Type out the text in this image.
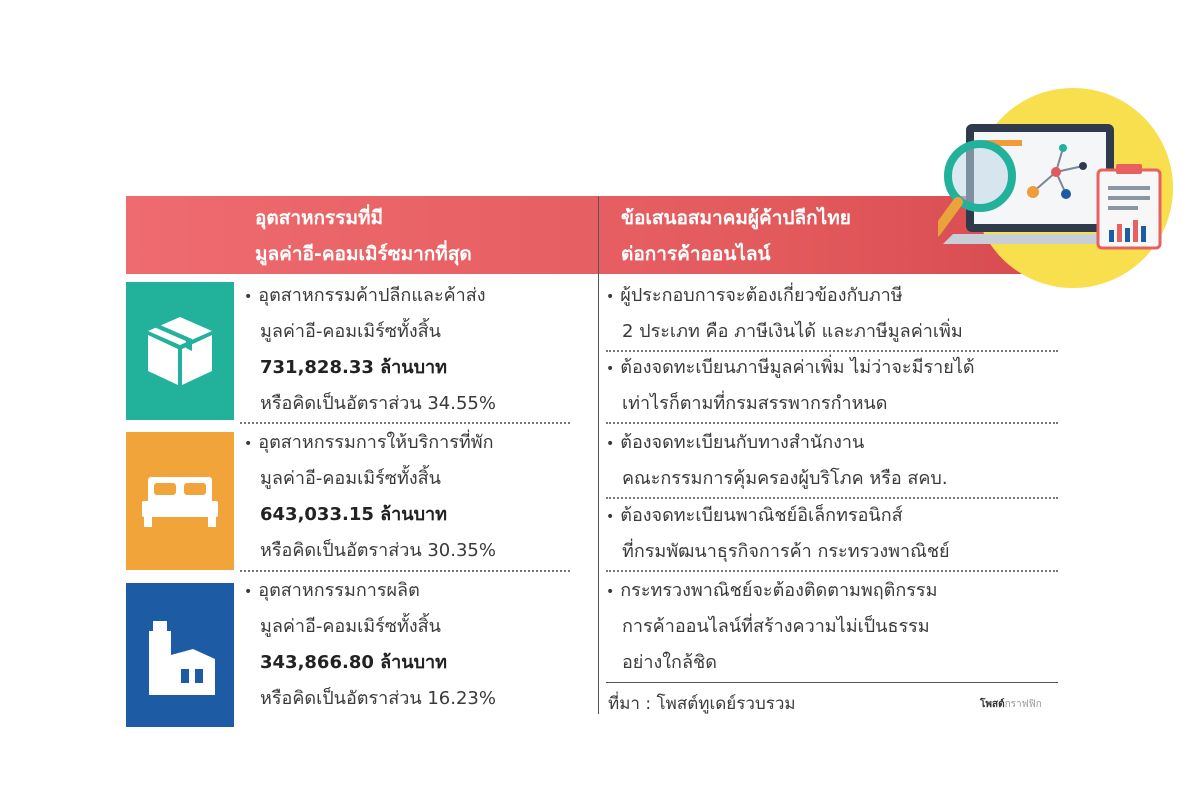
อุตสาหกรรมที่มี
มูลค่าอี-คอมเมิร์ซมากที่สุด
ข้อเสนอสมาคมผู้ค้าปลีกไทย
ต่อการค้าออนไลน์
• อุตสาหกรรมค้าปลีกและค้าส่ง
มูลค่าอี-คอมเมิร์ซทั้งสิ้น
731,828.33 ล้านบาท
หรือคิดเป็นอัตราส่วน 34.55%
• อุตสาหกรรมการให้บริการที่พัก
มูลค่าอี-คอมเมิร์ซทั้งสิ้น
643,033.15 ล้านบาท
หรือคิดเป็นอัตราส่วน 30.35%
• อุตสาหกรรมการผลิต
มูลค่าอี-คอมเมิร์ซทั้งสิ้น
343,866.80 ล้านบาท
หรือคิดเป็นอัตราส่วน 16.23%
• ผู้ประกอบการจะต้องเกี่ยวข้องกับภาษี
2 ประเภท คือ ภาษีเงินได้ และภาษีมูลค่าเพิ่ม
• ต้องจดทะเบียนภาษีมูลค่าเพิ่ม ไม่ว่าจะมีรายได้
เท่าไรก็ตามที่กรมสรรพากรกำหนด
• ต้องจดทะเบียนกับทางสำนักงาน
คณะกรรมการคุ้มครองผู้บริโภค หรือ สคบ.
• ต้องจดทะเบียนพาณิชย์อิเล็กทรอนิกส์
ที่กรมพัฒนาธุรกิจการค้า กระทรวงพาณิชย์
• กระทรวงพาณิชย์จะต้องติดตามพฤติกรรม
การค้าออนไลน์ที่สร้างความไม่เป็นธรรม
อย่างใกล้ชิด
ที่มา : โพสต์ทูเดย์รวบรวม	โพสต์กราฟฟิก
